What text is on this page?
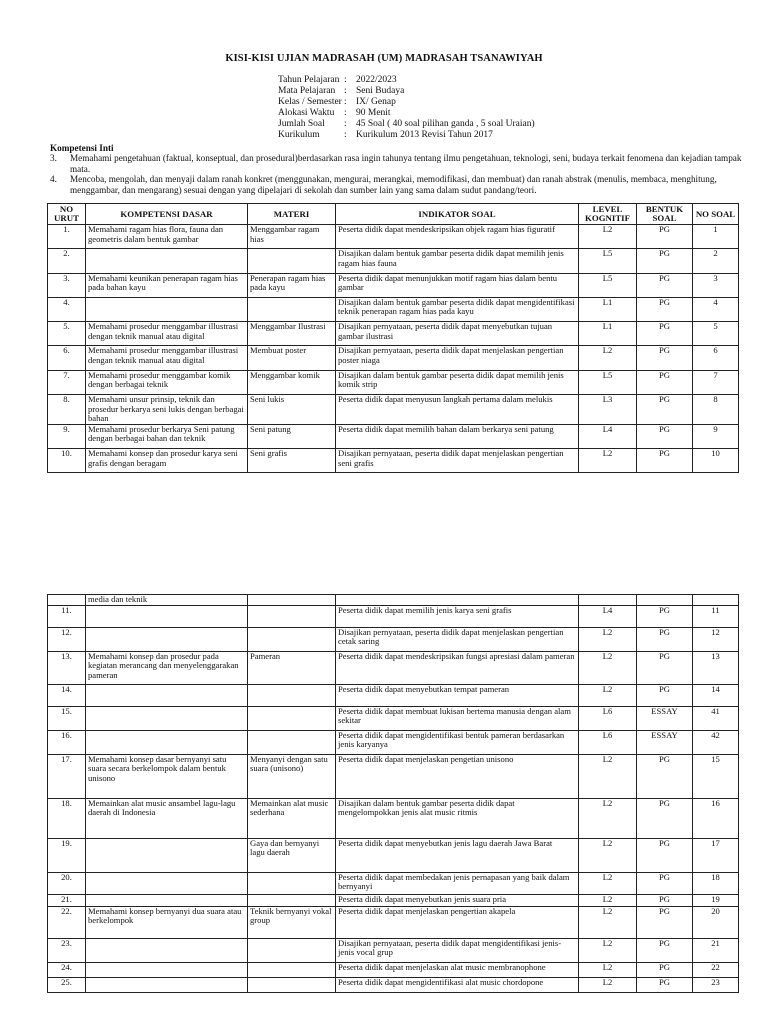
KISI-KISI UJIAN MADRASAH (UM) MADRASAH TSANAWIYAH
Tahun Pelajaran : 2022/2023
Mata Pelajaran : Seni Budaya
Kelas / Semester : IX/ Genap
Alokasi Waktu	: 90 Menit
Jumlah Soal	: 45 Soal ( 40 soal pilihan ganda , 5 soal Uraian)
Kurikulum	: Kurikulum 2013 Revisi Tahun 2017
Kompetensi Inti
3.	Memahami pengetahuan (faktual, konseptual, dan prosedural)berdasarkan rasa ingin tahunya tentang ilmu pengetahuan, teknologi, seni, budaya terkait fenomena dan kejadian tampak mata.
4.	Mencoba, mengolah, dan menyaji dalam ranah konkret (menggunakan, mengurai, merangkai, memodifikasi, dan membuat) dan ranah abstrak (menulis, membaca, menghitung, menggambar, dan mengarang) sesuai dengan yang dipelajari di sekolah dan sumber lain yang sama dalam sudut pandang/teori.
NO URUT	KOMPETENSI DASAR	MATERI	INDIKATOR SOAL	LEVEL KOGNITIF	BENTUK SOAL	NO SOAL
1.	Memahami ragam hias flora, fauna dan geometris dalam bentuk gambar	Menggambar ragam hias	Peserta didik dapat mendeskripsikan objek ragam hias figuratif	L2	PG	1
2.			Disajikan dalam bentuk gambar peserta didik dapat memilih jenis ragam hias fauna	L5	PG	2
3.	Memahami keunikan penerapan ragam hias pada bahan kayu	Penerapan ragam hias pada kayu	Peserta didik dapat menunjukkan motif ragam hias dalam bentu gambar	L5	PG	3
4.			Disajikan dalam bentuk gambar peserta didik dapat mengidentifikasi teknik penerapan ragam hias pada kayu	L1	PG	4
5.	Memahami prosedur menggambar illustrasi dengan teknik manual atau digital	Menggambar Ilustrasi	Disajikan pernyataan, peserta didik dapat menyebutkan tujuan gambar ilustrasi	L1	PG	5
6.	Memahami prosedur menggambar illustrasi dengan teknik manual atau digital	Membuat poster	Disajikan pernyataan, peserta didik dapat menjelaskan pengertian poster niaga	L2	PG	6
7.	Memahami prosedur menggambar komik dengan berbagai teknik	Menggambar komik	Disajikan dalam bentuk gambar peserta didik dapat memilih jenis komik strip	L5	PG	7
8.	Memahami unsur prinsip, teknik dan prosedur berkarya seni lukis dengan berbagai bahan	Seni lukis	Peserta didik dapat menyusun langkah pertama dalam melukis	L3	PG	8
9.	Memahami prosedur berkarya Seni patung dengan berbagai bahan dan teknik	Seni patung	Peserta didik dapat memilih bahan dalam berkarya seni patung	L4	PG	9
10.	Memahami konsep dan prosedur karya seni grafis dengan beragam	Seni grafis	Disajikan pernyataan, peserta didik dapat menjelaskan pengertian seni grafis	L2	PG	10
	media dan teknik					
11.			Peserta didik dapat memilih jenis karya seni grafis	L4	PG	11
12.			Disajikan pernyataan, peserta didik dapat menjelaskan pengertian cetak saring	L2	PG	12
13.	Memahami konsep dan prosedur pada kegiatan merancang dan menyelenggarakan pameran	Pameran	Peserta didik dapat mendeskripsikan fungsi apresiasi dalam pameran	L2	PG	13
14.			Peserta didik dapat menyebutkan tempat pameran	L2	PG	14
15.			Peserta didik dapat membuat lukisan bertema manusia dengan alam sekitar	L6	ESSAY	41
16.			Peserta didik dapat mengidentifikasi bentuk pameran berdasarkan jenis karyanya	L6	ESSAY	42
17.	Memahami konsep dasar bernyanyi satu suara secara berkelompok dalam bentuk unisono	Menyanyi dengan satu suara (unisono)	Peserta didik dapat menjelaskan pengetian unisono	L2	PG	15
18.	Memainkan alat music ansambel lagu-lagu daerah di Indonesia	Memainkan alat music sederhana	Disajikan dalam bentuk gambar peserta didik dapat mengelompokkan jenis alat music ritmis	L2	PG	16
19.		Gaya dan bernyanyi lagu daerah	Peserta didik dapat menyebutkan jenis lagu daerah Jawa Barat	L2	PG	17
20.			Peserta didik dapat membedakan jenis pernapasan yang baik dalam bernyanyi	L2	PG	18
21.			Peserta didik dapat menyebutkan jenis suara pria	L2	PG	19
22.	Memahami konsep bernyanyi dua suara atau berkelompok	Teknik bernyanyi vokal group	Peserta didik dapat menjelaskan pengertian akapela	L2	PG	20
23.			Disajikan pernyataan, peserta didik dapat mengidentifikasi jenis-jenis vocal grup	L2	PG	21
24.			Peserta didik dapat menjelaskan alat music membranophone	L2	PG	22
25.			Peserta didik dapat mengidentifikasi alat music chordopone	L2	PG	23
